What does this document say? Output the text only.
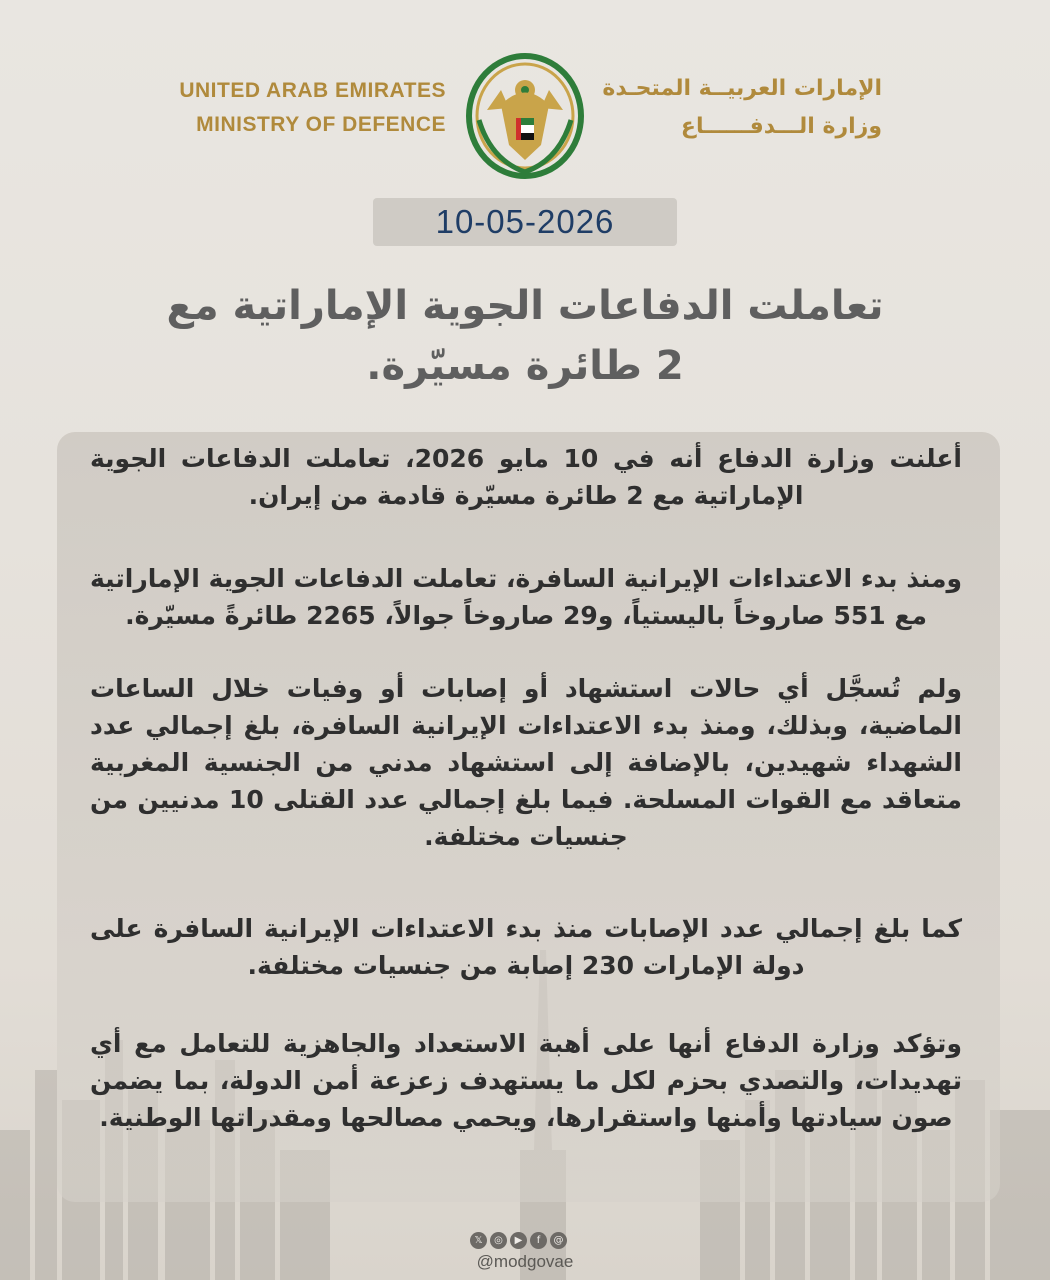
UNITED ARAB EMIRATES
MINISTRY OF DEFENCE
الإمارات العربيــة المتحـدة
وزارة الـــدفــــــاع
10-05-2026
تعاملت الدفاعات الجوية الإماراتية مع
2 طائرة مسيّرة.
أعلنت وزارة الدفاع أنه في 10 مايو 2026، تعاملت الدفاعات الجوية الإماراتية مع 2 طائرة مسيّرة قادمة من إيران.
ومنذ بدء الاعتداءات الإيرانية السافرة، تعاملت الدفاعات الجوية الإماراتية مع 551 صاروخاً باليستياً، و29 صاروخاً جوالاً، 2265 طائرةً مسيّرة.
ولم تُسجَّل أي حالات استشهاد أو إصابات أو وفيات خلال الساعات الماضية، وبذلك، ومنذ بدء الاعتداءات الإيرانية السافرة، بلغ إجمالي عدد الشهداء شهيدين، بالإضافة إلى استشهاد مدني من الجنسية المغربية متعاقد مع القوات المسلحة. فيما بلغ إجمالي عدد القتلى 10 مدنيين من جنسيات مختلفة.
كما بلغ إجمالي عدد الإصابات منذ بدء الاعتداءات الإيرانية السافرة على دولة الإمارات 230 إصابة من جنسيات مختلفة.
وتؤكد وزارة الدفاع أنها على أهبة الاستعداد والجاهزية للتعامل مع أي تهديدات، والتصدي بحزم لكل ما يستهدف زعزعة أمن الدولة، بما يضمن صون سيادتها وأمنها واستقرارها، ويحمي مصالحها ومقدراتها الوطنية.
𝕏 ◎ ▶ f @
@modgovae
